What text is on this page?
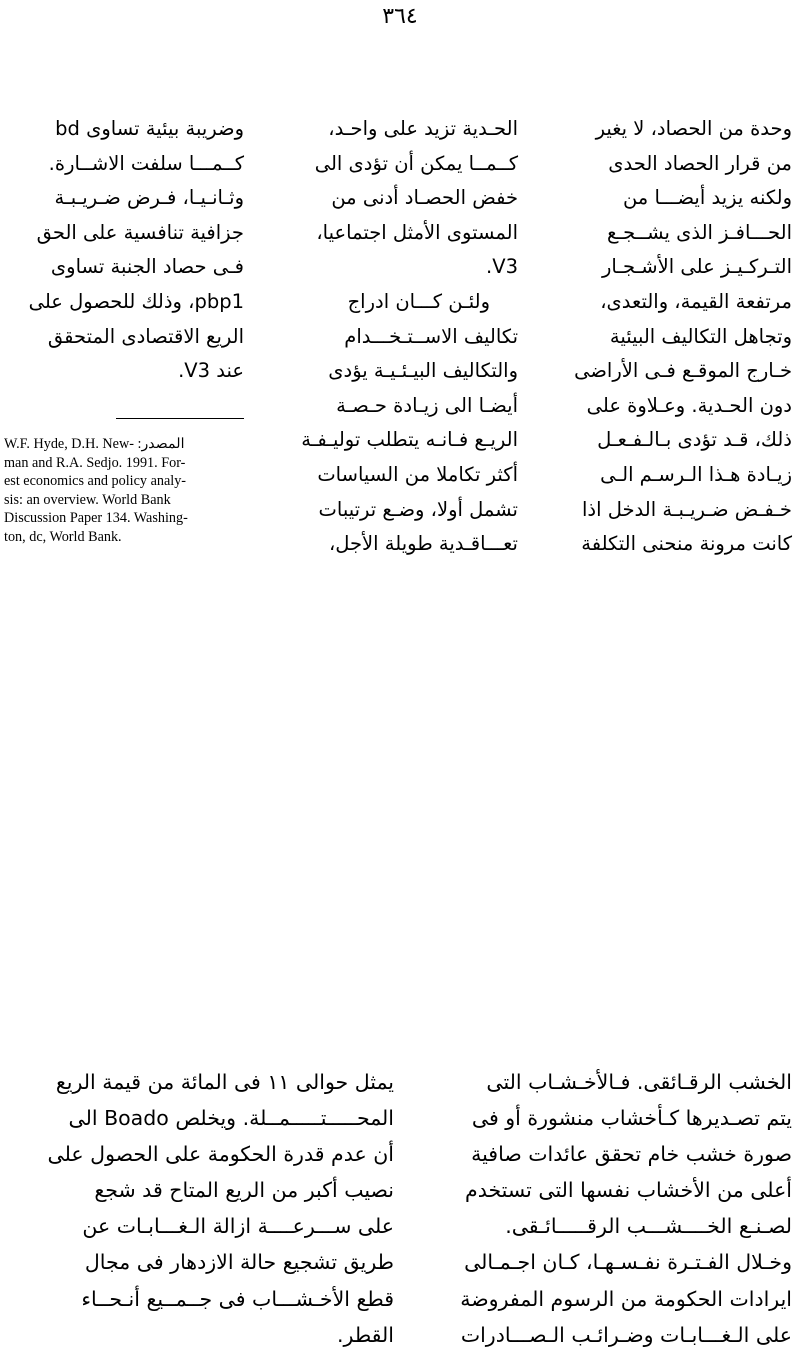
٣٦٤
وحدة من الحصاد، لا يغير
من قرار الحصاد الحدى
ولكنه يزيد أيضـــا من
الحـــافـز الذى يشــجـع
التـركـيـز على الأشـجـار
مرتفعة القيمة، والتعدى،
وتجاهل التكاليف البيئية
خـارج الموقـع فـى الأراضى
دون الحـدية. وعـلاوة على
ذلك، قـد تؤدى بـالـفـعـل
زيـادة هـذا الـرسـم الـى
خـفـض ضـريـبـة الدخل اذا
كانت مرونة منحنى التكلفة
الحـدية تزيد على واحـد،
كــمــا يمكن أن تؤدى الى
خفض الحصـاد أدنى من
المستوى الأمثل اجتماعيا،
V3.
ولئـن كـــان ادراج
تكاليف الاســتـخـــدام
والتكاليف البيـئـيـة يؤدى
أيضـا الى زيـادة حـصـة
الريـع فـانـه يتطلب توليـفـة
أكثر تكاملا من السياسات
تشمل أولا، وضـع ترتيبات
تعـــاقـدية طويلة الأجل،
وضريبة بيئية تساوى bd
كــمـــا سلفت الاشــارة.
وثـانـيـا، فـرض ضـريـبـة
جزافية تنافسية على الحق
فـى حصاد الجنبة تساوى
pbp1، وذلك للحصول على
الريع الاقتصادى المتحقق
عند V3.
W.F. Hyde, D.H. New- :المصدر
man and R.A. Sedjo. 1991. For-
est economics and policy analy-
sis: an overview. World Bank
Discussion Paper 134. Washing-
ton, dc, World Bank.
الخشب الرقـائقى. فـالأخـشـاب التى
يتم تصـديرها كـأخشاب منشورة أو فى
صورة خشب خام تحقق عائدات صافية
أعلى من الأخشاب نفسها التى تستخدم
لصـنـع الخــــشـــب الرقـــــائـقى.
وخـلال الفـتـرة نفـسـهـا، كـان اجـمـالى
ايرادات الحكومة من الرسوم المفروضة
على الـغـــابـات وضـرائـب الـصـــادرات
يمثل حوالى ١١ فى المائة من قيمة الريع
المحـــــتـــــمــلة. ويخلص Boado الى
أن عدم قدرة الحكومة على الحصول على
نصيب أكبر من الريع المتاح قد شجع
على ســـرعــــة ازالة الـغـــابـات عن
طريق تشجيع حالة الازدهار فى مجال
قطع الأخـشـــاب فى جــمــيع أنـحــاء
القطر.
